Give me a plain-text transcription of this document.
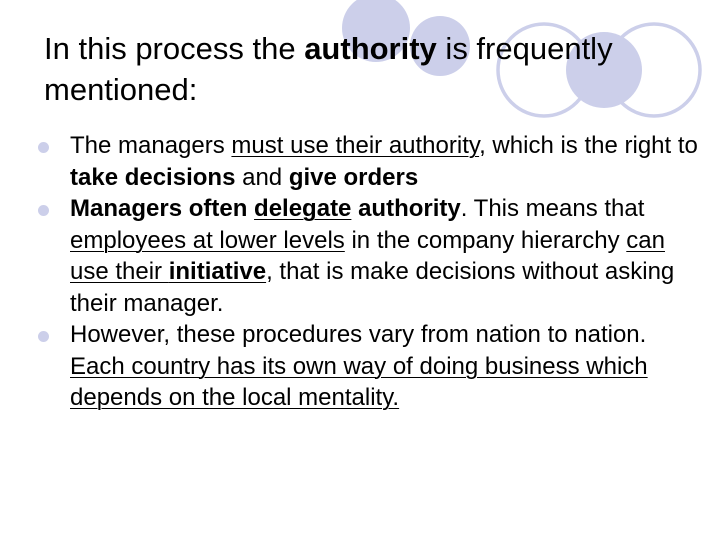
In this process the authority is frequently mentioned:
The managers must use their authority, which is the right to take decisions and give orders
Managers often delegate authority. This means that employees at lower levels in the company hierarchy can use their initiative, that is make decisions without asking their manager.
However, these procedures vary from nation to nation. Each country has its own way of doing business which depends on the local mentality.
